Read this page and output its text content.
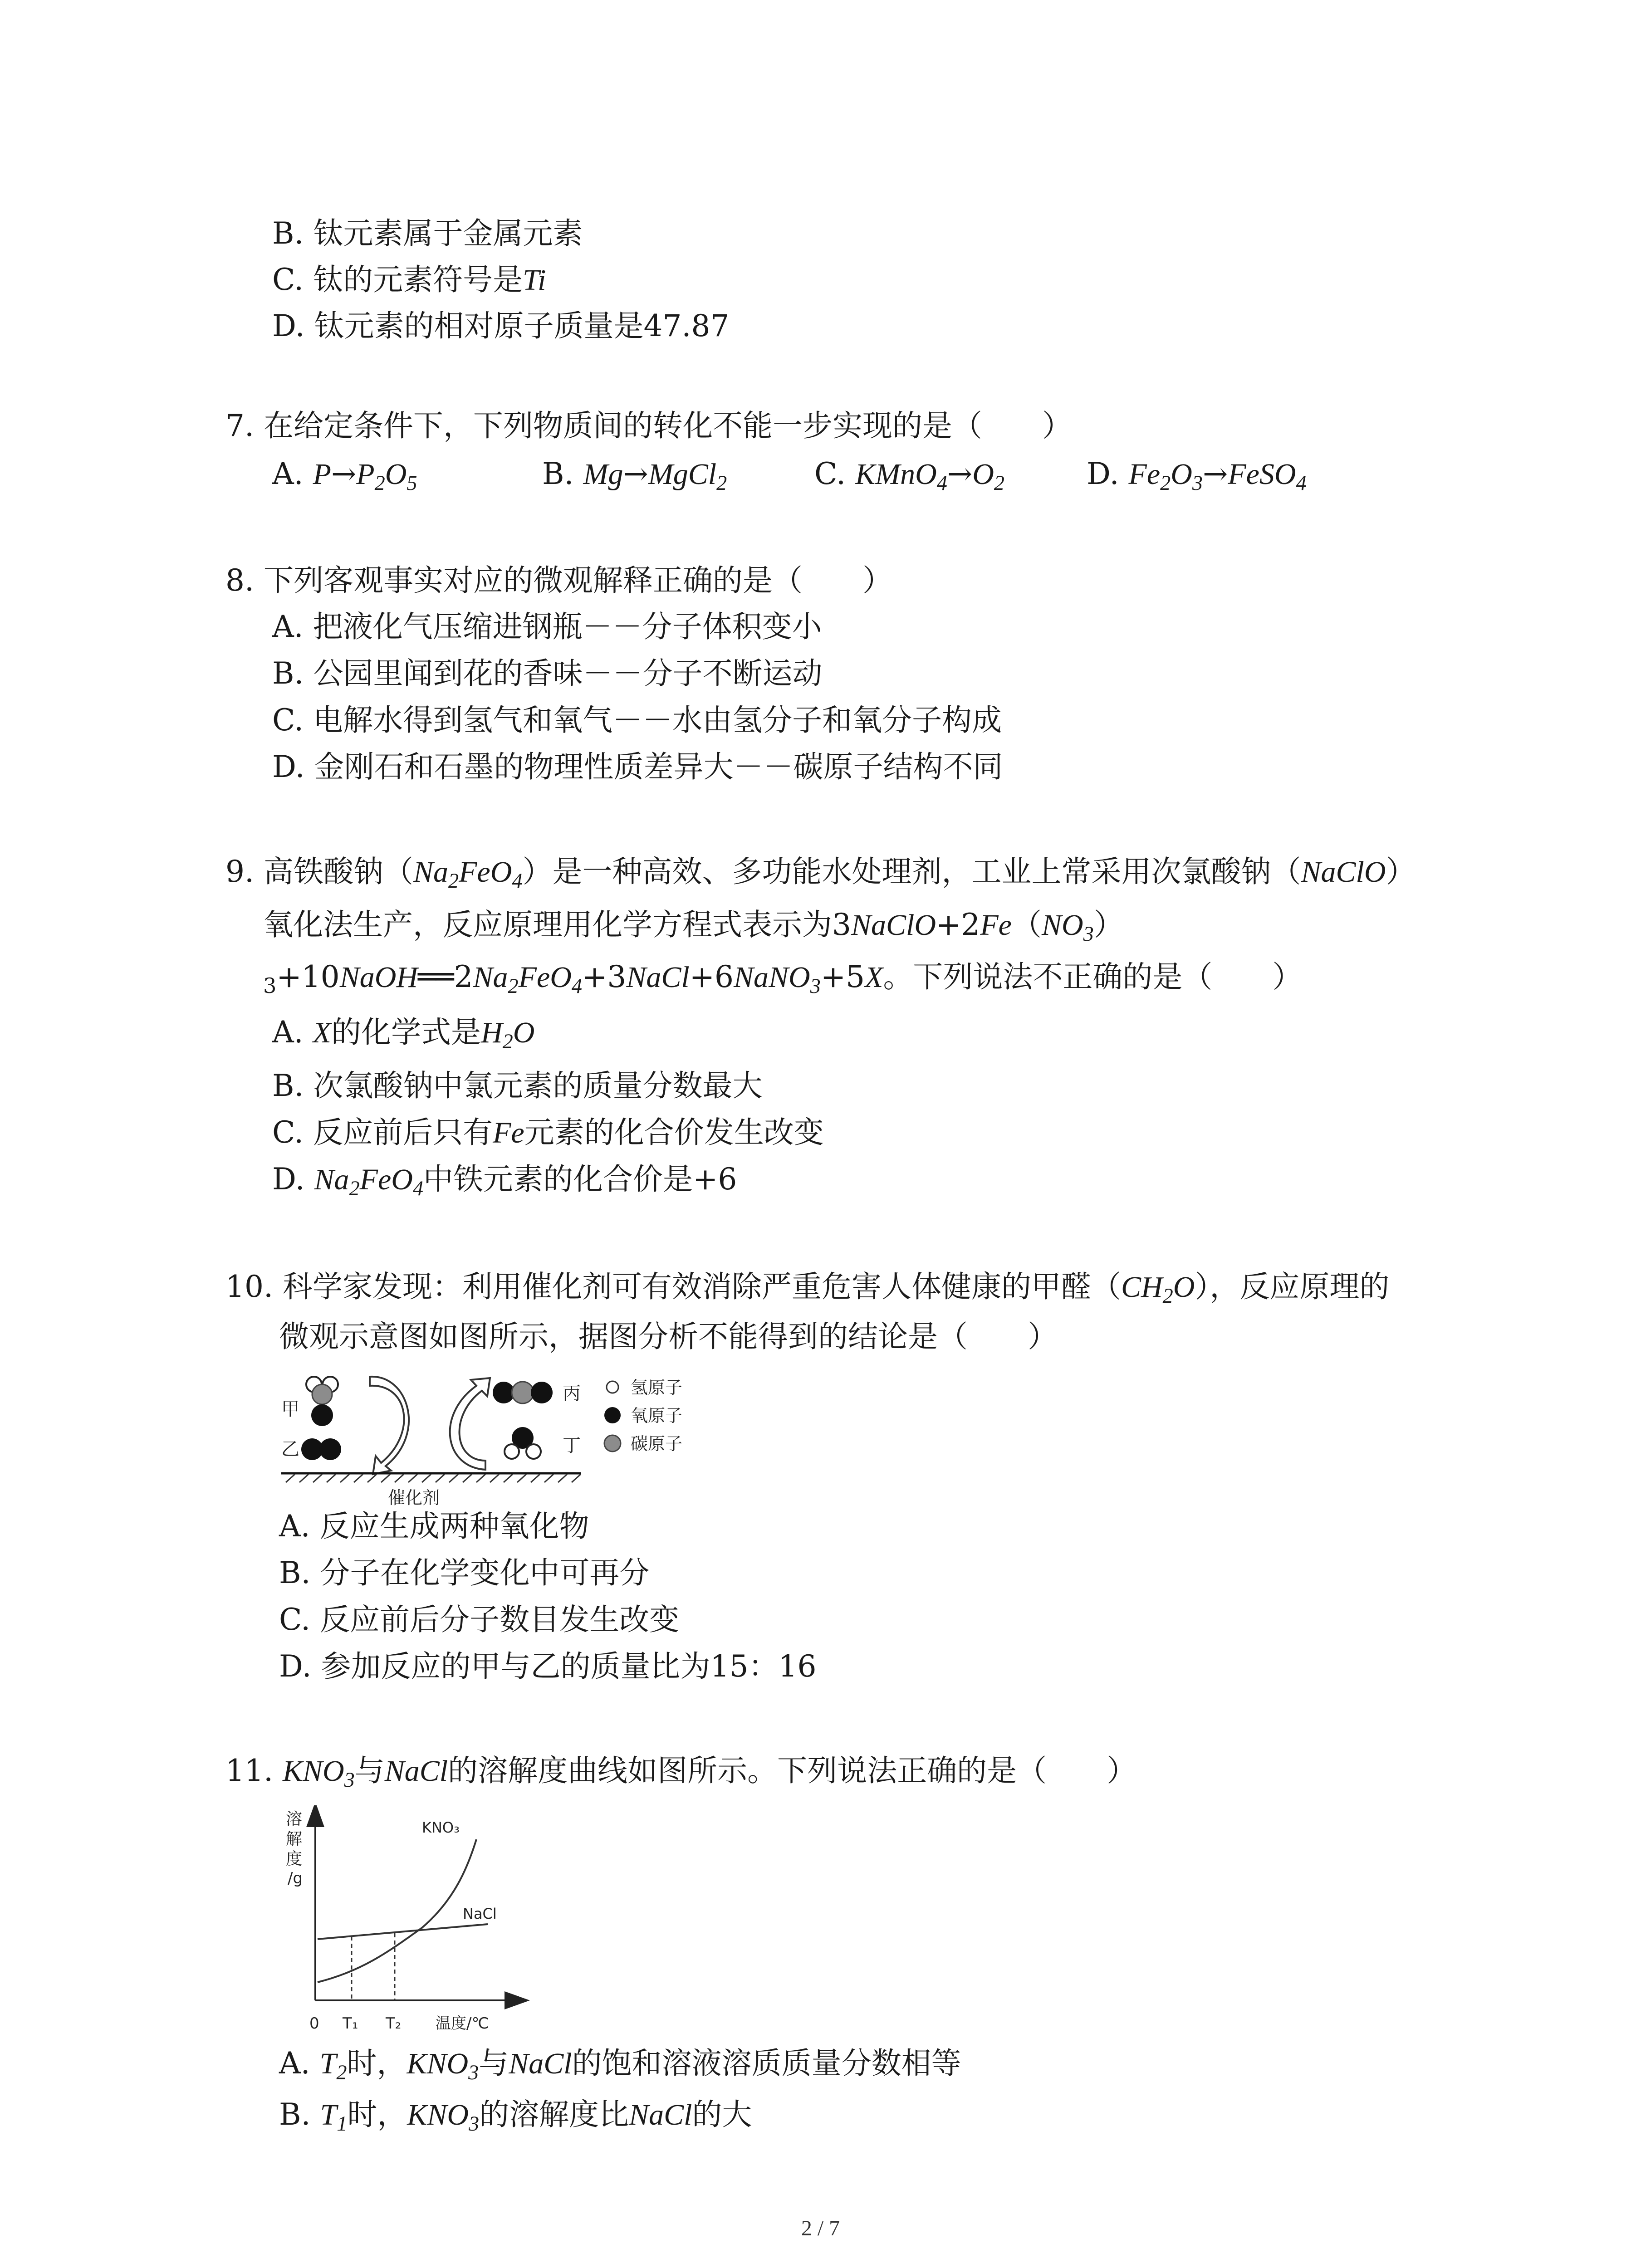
B. 钛元素属于金属元素
C. 钛的元素符号是Ti
D. 钛元素的相对原子质量是47.87
7. 在给定条件下，下列物质间的转化不能一步实现的是（　　）
A. $P\to P_2O_5$	B. Mg→MgCl$_2$	C. $KMnO_4\to O_2$	D. $Fe_2O_3\to FeSO_4$
8. 下列客观事实对应的微观解释正确的是（　　）
A. 把液化气压缩进钢瓶－－分子体积变小
B. 公园里闻到花的香味－－分子不断运动
C. 电解水得到氢气和氧气－－水由氢分子和氧分子构成
D. 金刚石和石墨的物理性质差异大－－碳原子结构不同
9. 高铁酸钠$(Na_2FeO_4)$是一种高效、多功能水处理剂，工业上常采用次氯酸钠（NaClO）
氧化法生产，反应原理用化学方程式表示为$3NaClO+2Fe(NO_3)$
$_3+10NaOH══2Na_2FeO_4+3NaCl+6NaNO_3+5X$。下列说法不正确的是（　　）
A. X的化学式是$H_2O$
B. 次氯酸钠中氯元素的质量分数最大
C. 反应前后只有Fe元素的化合价发生改变
D. $Na_2FeO_4$中铁元素的化合价是+6
10. 科学家发现：利用催化剂可有效消除严重危害人体健康的甲醛$(CH_2O)$，反应原理的
微观示意图如图所示，据图分析不能得到的结论是（　　）
甲
乙
丙
丁
氢原子
氧原子
碳原子
催化剂
A. 反应生成两种氧化物
B. 分子在化学变化中可再分
C. 反应前后分子数目发生改变
D. 参加反应的甲与乙的质量比为15：16
11. $KNO_3$与NaCl的溶解度曲线如图所示。下列说法正确的是（　　）
溶
解
度
/g
KNO₃
NaCl
0 T₁ T₂ 温度/℃
A. $T_2$时，$KNO_3$与NaCl的饱和溶液溶质质量分数相等
B. $T_1$时，$KNO_3$的溶解度比NaCl的大
2 / 7
